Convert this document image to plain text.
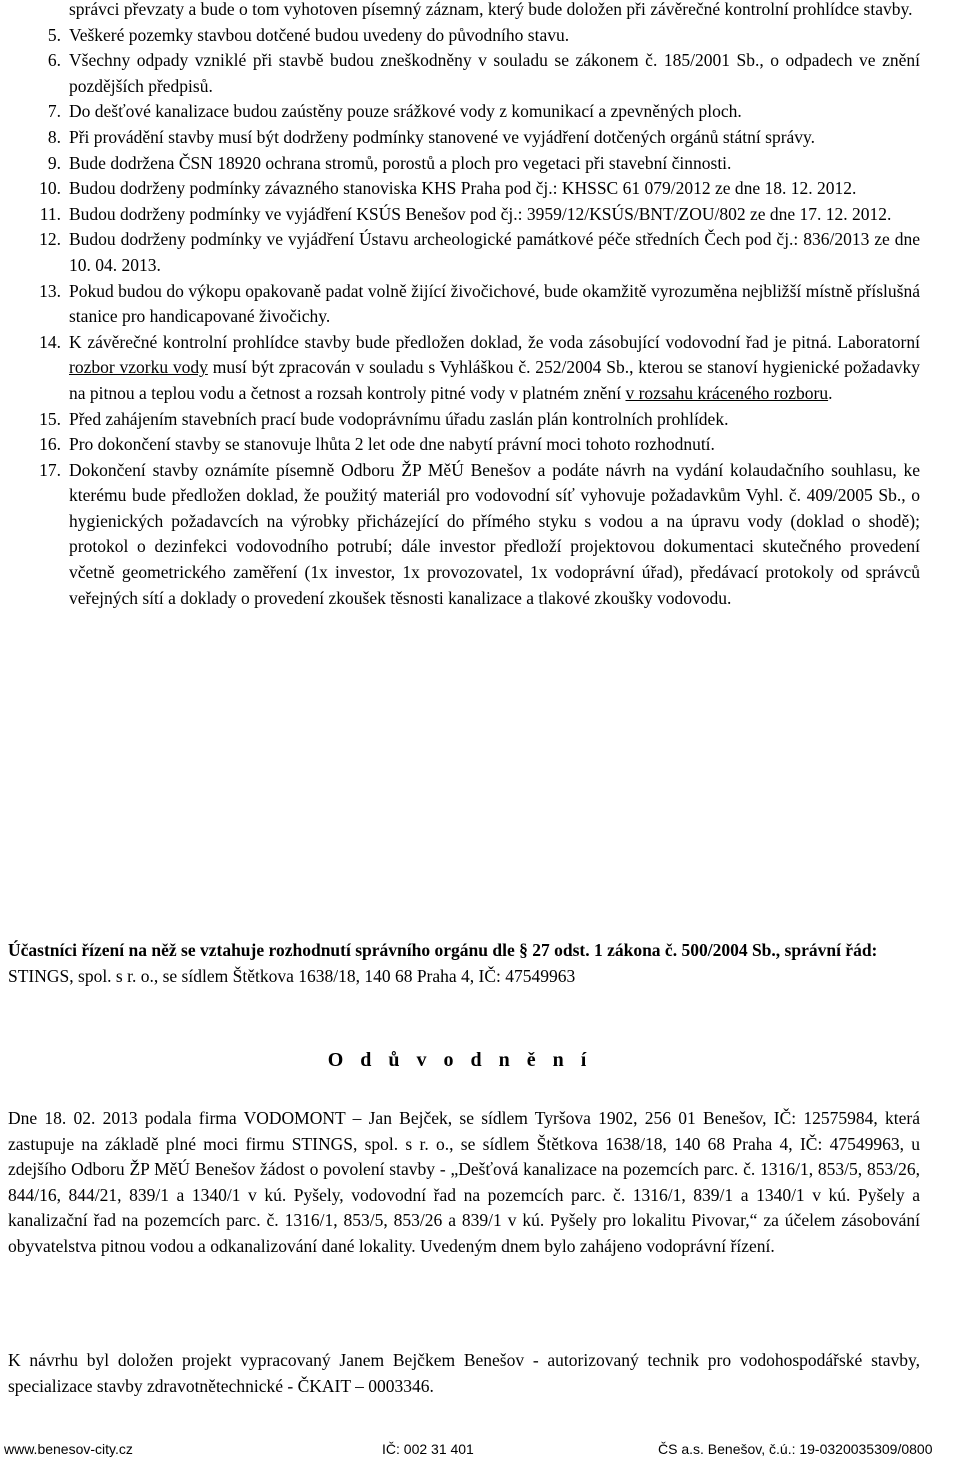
správci převzaty a bude o tom vyhotoven písemný záznam, který bude doložen při závěrečné kontrolní prohlídce stavby.
5. Veškeré pozemky stavbou dotčené budou uvedeny do původního stavu.
6. Všechny odpady vzniklé při stavbě budou zneškodněny v souladu se zákonem č. 185/2001 Sb., o odpadech ve znění pozdějších předpisů.
7. Do dešťové kanalizace budou zaústěny pouze srážkové vody z komunikací a zpevněných ploch.
8. Při provádění stavby musí být dodrženy podmínky stanovené ve vyjádření dotčených orgánů státní správy.
9. Bude dodržena ČSN 18920 ochrana stromů, porostů a ploch pro vegetaci při stavební činnosti.
10. Budou dodrženy podmínky závazného stanoviska KHS Praha pod čj.: KHSSC 61 079/2012 ze dne 18. 12. 2012.
11. Budou dodrženy podmínky ve vyjádření KSÚS Benešov pod čj.: 3959/12/KSÚS/BNT/ZOU/802 ze dne 17. 12. 2012.
12. Budou dodrženy podmínky ve vyjádření Ústavu archeologické památkové péče středních Čech pod čj.: 836/2013 ze dne 10. 04. 2013.
13. Pokud budou do výkopu opakovaně padat volně žijící živočichové, bude okamžitě vyrozuměna nejbližší místně příslušná stanice pro handicapované živočichy.
14. K závěrečné kontrolní prohlídce stavby bude předložen doklad, že voda zásobující vodovodní řad je pitná. Laboratorní rozbor vzorku vody musí být zpracován v souladu s Vyhláškou č. 252/2004 Sb., kterou se stanoví hygienické požadavky na pitnou a teplou vodu a četnost a rozsah kontroly pitné vody v platném znění v rozsahu kráceného rozboru.
15. Před zahájením stavebních prací bude vodoprávnímu úřadu zaslán plán kontrolních prohlídek.
16. Pro dokončení stavby se stanovuje lhůta 2 let ode dne nabytí právní moci tohoto rozhodnutí.
17. Dokončení stavby oznámíte písemně Odboru ŽP MěÚ Benešov a podáte návrh na vydání kolaudačního souhlasu, ke kterému bude předložen doklad, že použitý materiál pro vodovodní síť vyhovuje požadavkům Vyhl. č. 409/2005 Sb., o hygienických požadavcích na výrobky přicházející do přímého styku s vodou a na úpravu vody (doklad o shodě); protokol o dezinfekci vodovodního potrubí; dále investor předloží projektovou dokumentaci skutečného provedení včetně geometrického zaměření (1x investor, 1x provozovatel, 1x vodoprávní úřad), předávací protokoly od správců veřejných sítí a doklady o provedení zkoušek těsnosti kanalizace a tlakové zkoušky vodovodu.
Účastníci řízení na něž se vztahuje rozhodnutí správního orgánu dle § 27 odst. 1 zákona č. 500/2004 Sb., správní řád:
STINGS, spol. s r. o., se sídlem Štětkova 1638/18, 140 68 Praha 4, IČ: 47549963
O d ů v o d n ě n í
Dne 18. 02. 2013 podala firma VODOMONT – Jan Bejček, se sídlem Tyršova 1902, 256 01 Benešov, IČ: 12575984, která zastupuje na základě plné moci firmu STINGS, spol. s r. o., se sídlem Štětkova 1638/18, 140 68 Praha 4, IČ: 47549963, u zdejšího Odboru ŽP MěÚ Benešov žádost o povolení stavby - „Dešťová kanalizace na pozemcích parc. č. 1316/1, 853/5, 853/26, 844/16, 844/21, 839/1 a 1340/1 v kú. Pyšely, vodovodní řad na pozemcích parc. č. 1316/1, 839/1 a 1340/1 v kú. Pyšely a kanalizační řad na pozemcích parc. č. 1316/1, 853/5, 853/26 a 839/1 v kú. Pyšely pro lokalitu Pivovar,“ za účelem zásobování obyvatelstva pitnou vodou a odkanalizování dané lokality. Uvedeným dnem bylo zahájeno vodoprávní řízení.
K návrhu byl doložen projekt vypracovaný Janem Bejčkem Benešov - autorizovaný technik pro vodohospodářské stavby, specializace stavby zdravotnětechnické - ČKAIT – 0003346.
www.benesov-city.cz	IČ: 002 31 401	ČS a.s. Benešov, č.ú.: 19-0320035309/0800
